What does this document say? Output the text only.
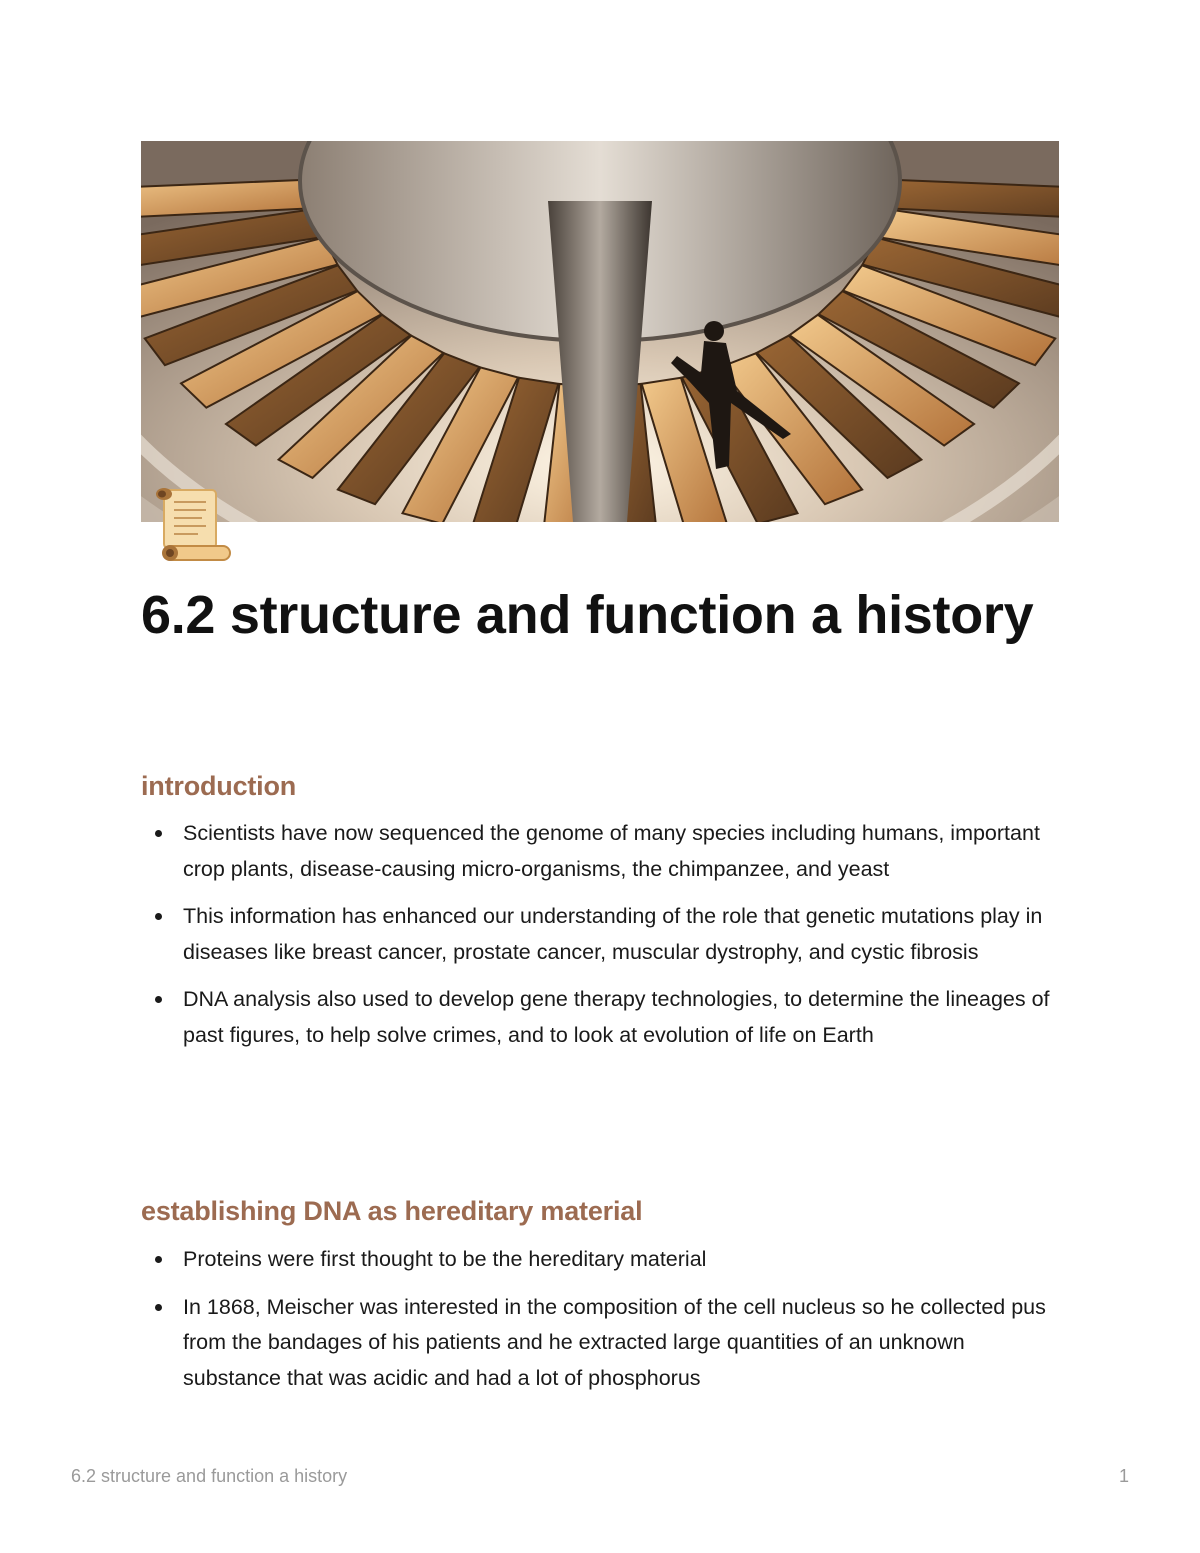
6.2 structure and function a history
introduction
Scientists have now sequenced the genome of many species including humans, important crop plants, disease-causing micro-organisms, the chimpanzee, and yeast
This information has enhanced our understanding of the role that genetic mutations play in diseases like breast cancer, prostate cancer, muscular dystrophy, and cystic fibrosis
DNA analysis also used to develop gene therapy technologies, to determine the lineages of past figures, to help solve crimes, and to look at evolution of life on Earth
establishing DNA as hereditary material
Proteins were first thought to be the hereditary material
In 1868, Meischer was interested in the composition of the cell nucleus so he collected pus from the bandages of his patients and he extracted large quantities of an unknown substance that was acidic and had a lot of phosphorus
6.2 structure and function a history	1
